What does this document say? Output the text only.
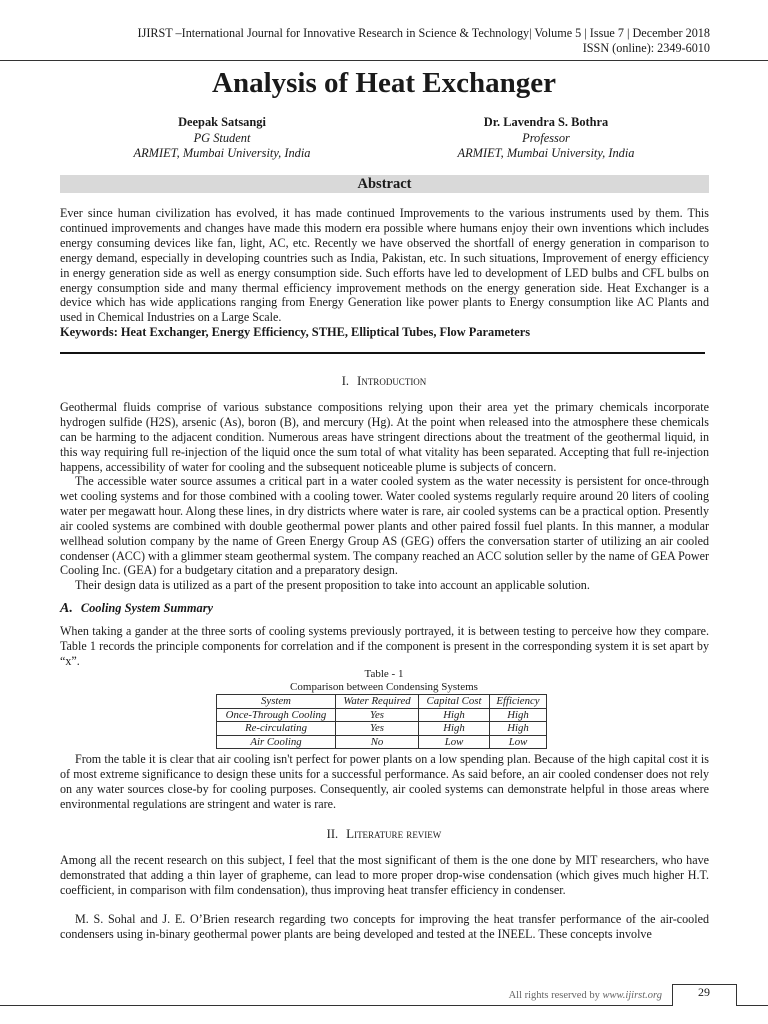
IJIRST –International Journal for Innovative Research in Science & Technology| Volume 5 | Issue 7 | December 2018
ISSN (online): 2349-6010
Analysis of Heat Exchanger
Deepak Satsangi
PG Student
ARMIET, Mumbai University, India
Dr. Lavendra S. Bothra
Professor
ARMIET, Mumbai University, India
Abstract

Ever since human civilization has evolved, it has made continued Improvements to the various instruments used by them. This continued improvements and changes have made this modern era possible where humans enjoy their own inventions which includes energy consuming devices like fan, light, AC, etc. Recently we have observed the shortfall of energy generation in comparison to energy demand, especially in developing countries such as India, Pakistan, etc. In such situations, Improvement of energy efficiency in energy generation side as well as energy consumption side. Such efforts have led to development of LED bulbs and CFL bulbs on energy consumption side and many thermal efficiency improvement methods on the energy generation side. Heat Exchanger is a device which has wide applications ranging from Energy Generation like power plants to Energy consumption like AC Plants and used in Chemical Industries on a Large Scale.

Keywords: Heat Exchanger, Energy Efficiency, STHE, Elliptical Tubes, Flow Parameters
I. Introduction

Geothermal fluids comprise of various substance compositions relying upon their area yet the primary chemicals incorporate hydrogen sulfide (H2S), arsenic (As), boron (B), and mercury (Hg). At the point when released into the atmosphere these chemicals can be harming to the adjacent condition. Numerous areas have stringent directions about the treatment of the geothermal liquid, in this way requiring full re-injection of the liquid once the sum total of what vitality has been separated. Accepting that full re-injection happens, accessibility of water for cooling and the subsequent noticeable plume is subjects of concern.

The accessible water source assumes a critical part in a water cooled system as the water necessity is persistent for once-through wet cooling systems and for those combined with a cooling tower. Water cooled systems regularly require around 20 liters of cooling water per megawatt hour. Along these lines, in dry districts where water is rare, air cooled systems can be a practical option. Presently air cooled systems are combined with double geothermal power plants and other paired fossil fuel plants. In this manner, a modular wellhead solution company by the name of Green Energy Group AS (GEG) offers the conversation starter of utilizing an air cooled condenser (ACC) with a glimmer steam geothermal system. The company reached an ACC solution seller by the name of GEA Power Cooling Inc. (GEA) for a budgetary citation and a preparatory design.

Their design data is utilized as a part of the present proposition to take into account an applicable solution.

A. Cooling System Summary

When taking a gander at the three sorts of cooling systems previously portrayed, it is between testing to perceive how they compare. Table 1 records the principle components for correlation and if the component is present in the corresponding system it is set apart by “x”.

Table - 1
Comparison between Condensing Systems
System	Water Required	Capital Cost	Efficiency
Once-Through Cooling	Yes	High	High
Re-circulating	Yes	High	High
Air Cooling	No	Low	Low

From the table it is clear that air cooling isn't perfect for power plants on a low spending plan. Because of the high capital cost it is of most extreme significance to design these units for a successful performance. As said before, an air cooled condenser does not rely on any water sources close-by for cooling purposes. Consequently, air cooled systems can demonstrate helpful in those areas where environmental regulations are stringent and water is rare.

II. Literature review

Among all the recent research on this subject, I feel that the most significant of them is the one done by MIT researchers, who have demonstrated that adding a thin layer of grapheme, can lead to more proper drop-wise condensation (which gives much higher H.T. coefficient, in comparison with film condensation), thus improving heat transfer efficiency in condenser.

M. S. Sohal and J. E. O’Brien research regarding two concepts for improving the heat transfer performance of the air-cooled condensers using in-binary geothermal power plants are being developed and tested at the INEEL. These concepts involve

All rights reserved by www.ijirst.org	29
